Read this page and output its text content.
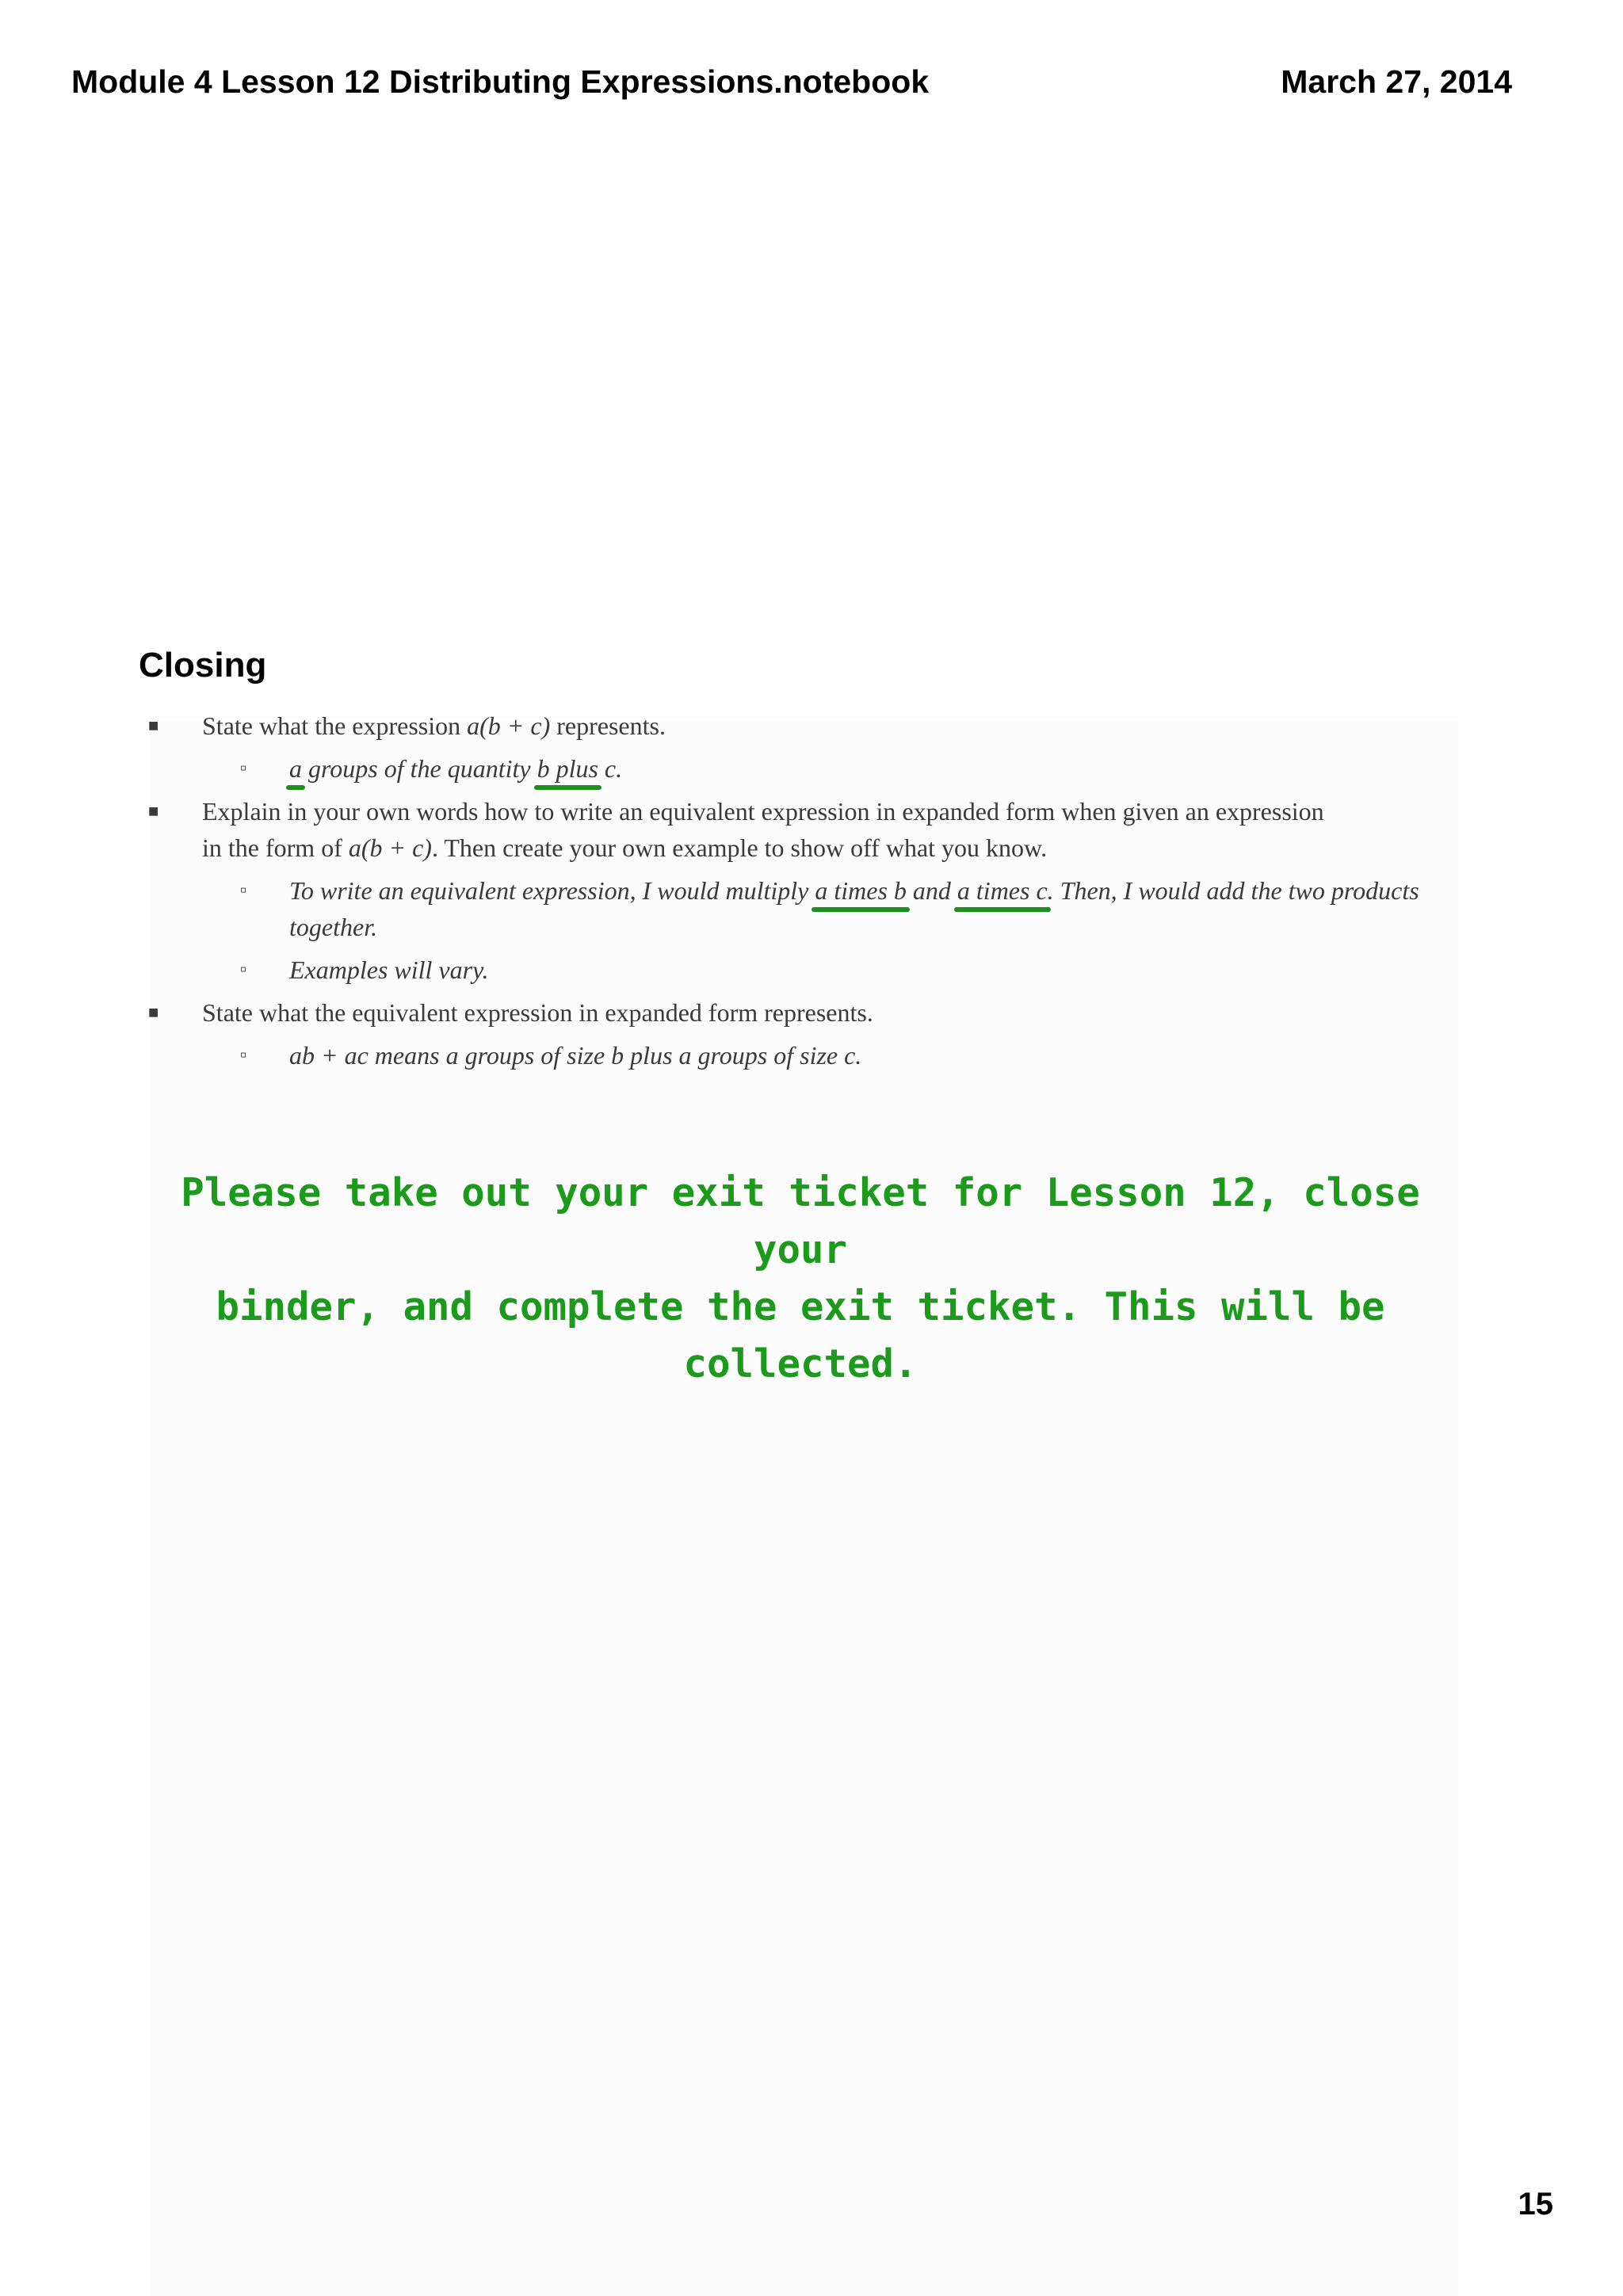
Module 4 Lesson 12 Distributing Expressions.notebook	March 27, 2014
Closing
■ State what the expression a(b + c) represents.
▫ a groups of the quantity b plus c.
■ Explain in your own words how to write an equivalent expression in expanded form when given an expression
in the form of a(b + c). Then create your own example to show off what you know.
▫ To write an equivalent expression, I would multiply a times b and a times c. Then, I would add the two products together.
▫ Examples will vary.
■ State what the equivalent expression in expanded form represents.
▫ ab + ac means a groups of size b plus a groups of size c.
Please take out your exit ticket for Lesson 12, close your
binder, and complete the exit ticket. This will be collected.
15
